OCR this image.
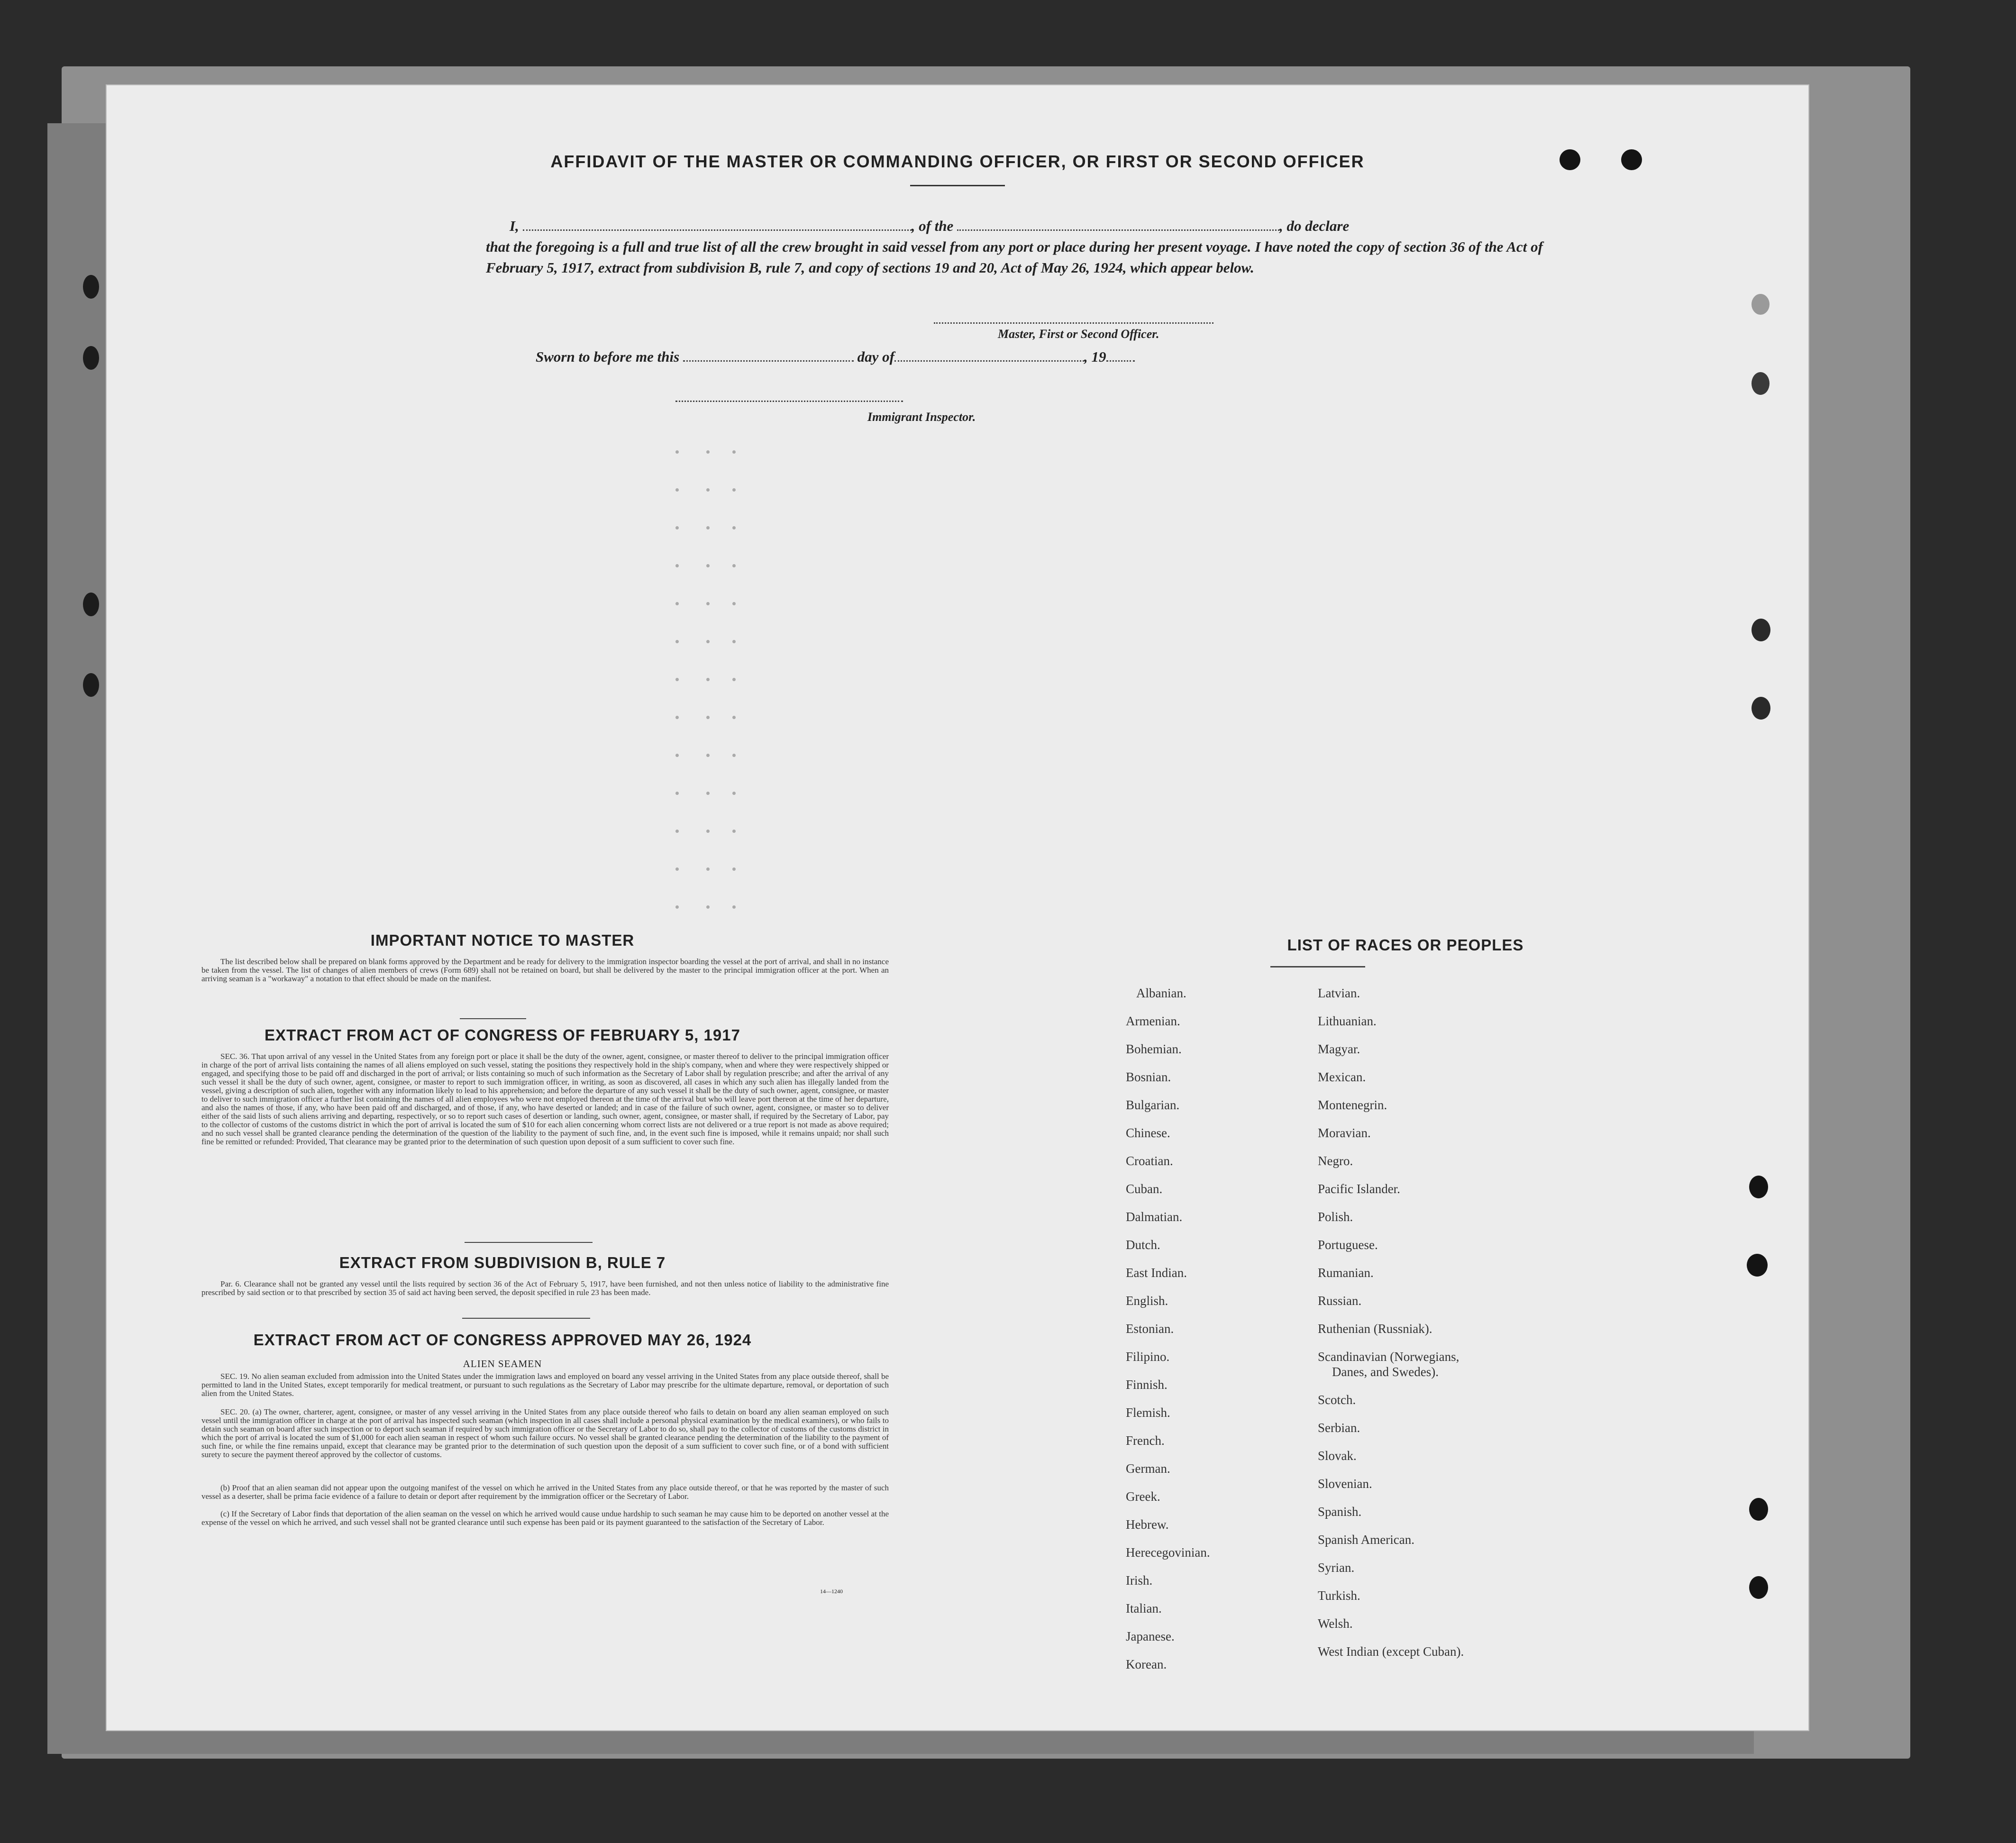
AFFIDAVIT OF THE MASTER OR COMMANDING OFFICER, OR FIRST OR SECOND OFFICER
I,	, of the	, do declare
that the foregoing is a full and true list of all the crew brought in said vessel from any port or place during her present voyage. I have noted the copy of section 36 of the Act of February 5, 1917, extract from subdivision B, rule 7, and copy of sections 19 and 20, Act of May 26, 1924, which appear below.
Master, First or Second Officer.
Sworn to before me this	day of	, 19
Immigrant Inspector.
IMPORTANT NOTICE TO MASTER
The list described below shall be prepared on blank forms approved by the Department and be ready for delivery to the immigration inspector boarding the vessel at the port of arrival, and shall in no instance be taken from the vessel. The list of changes of alien members of crews (Form 689) shall not be retained on board, but shall be delivered by the master to the principal immigration officer at the port. When an arriving seaman is a "workaway" a notation to that effect should be made on the manifest.
EXTRACT FROM ACT OF CONGRESS OF FEBRUARY 5, 1917
SEC. 36. That upon arrival of any vessel in the United States from any foreign port or place it shall be the duty of the owner, agent, consignee, or master thereof to deliver to the principal immigration officer in charge of the port of arrival lists containing the names of all aliens employed on such vessel, stating the positions they respectively hold in the ship's company, when and where they were respectively shipped or engaged, and specifying those to be paid off and discharged in the port of arrival; or lists containing so much of such information as the Secretary of Labor shall by regulation prescribe; and after the arrival of any such vessel it shall be the duty of such owner, agent, consignee, or master to report to such immigration officer, in writing, as soon as discovered, all cases in which any such alien has illegally landed from the vessel, giving a description of such alien, together with any information likely to lead to his apprehension; and before the departure of any such vessel it shall be the duty of such owner, agent, consignee, or master to deliver to such immigration officer a further list containing the names of all alien employees who were not employed thereon at the time of the arrival but who will leave port thereon at the time of her departure, and also the names of those, if any, who have been paid off and discharged, and of those, if any, who have deserted or landed; and in case of the failure of such owner, agent, consignee, or master so to deliver either of the said lists of such aliens arriving and departing, respectively, or so to report such cases of desertion or landing, such owner, agent, consignee, or master shall, if required by the Secretary of Labor, pay to the collector of customs of the customs district in which the port of arrival is located the sum of $10 for each alien concerning whom correct lists are not delivered or a true report is not made as above required; and no such vessel shall be granted clearance pending the determination of the question of the liability to the payment of such fine, and, in the event such fine is imposed, while it remains unpaid; nor shall such fine be remitted or refunded: Provided, That clearance may be granted prior to the determination of such question upon deposit of a sum sufficient to cover such fine.
EXTRACT FROM SUBDIVISION B, RULE 7
Par. 6. Clearance shall not be granted any vessel until the lists required by section 36 of the Act of February 5, 1917, have been furnished, and not then unless notice of liability to the administrative fine prescribed by said section or to that prescribed by section 35 of said act having been served, the deposit specified in rule 23 has been made.
EXTRACT FROM ACT OF CONGRESS APPROVED MAY 26, 1924
ALIEN SEAMEN
SEC. 19. No alien seaman excluded from admission into the United States under the immigration laws and employed on board any vessel arriving in the United States from any place outside thereof, shall be permitted to land in the United States, except temporarily for medical treatment, or pursuant to such regulations as the Secretary of Labor may prescribe for the ultimate departure, removal, or deportation of such alien from the United States.
SEC. 20. (a) The owner, charterer, agent, consignee, or master of any vessel arriving in the United States from any place outside thereof who fails to detain on board any alien seaman employed on such vessel until the immigration officer in charge at the port of arrival has inspected such seaman (which inspection in all cases shall include a personal physical examination by the medical examiners), or who fails to detain such seaman on board after such inspection or to deport such seaman if required by such immigration officer or the Secretary of Labor to do so, shall pay to the collector of customs of the customs district in which the port of arrival is located the sum of $1,000 for each alien seaman in respect of whom such failure occurs. No vessel shall be granted clearance pending the determination of the liability to the payment of such fine, or while the fine remains unpaid, except that clearance may be granted prior to the determination of such question upon the deposit of a sum sufficient to cover such fine, or of a bond with sufficient surety to secure the payment thereof approved by the collector of customs.
(b) Proof that an alien seaman did not appear upon the outgoing manifest of the vessel on which he arrived in the United States from any place outside thereof, or that he was reported by the master of such vessel as a deserter, shall be prima facie evidence of a failure to detain or deport after requirement by the immigration officer or the Secretary of Labor.
(c) If the Secretary of Labor finds that deportation of the alien seaman on the vessel on which he arrived would cause undue hardship to such seaman he may cause him to be deported on another vessel at the expense of the vessel on which he arrived, and such vessel shall not be granted clearance until such expense has been paid or its payment guaranteed to the satisfaction of the Secretary of Labor.
14—1240
LIST OF RACES OR PEOPLES
Albanian.
Armenian.
Bohemian.
Bosnian.
Bulgarian.
Chinese.
Croatian.
Cuban.
Dalmatian.
Dutch.
East Indian.
English.
Estonian.
Filipino.
Finnish.
Flemish.
French.
German.
Greek.
Hebrew.
Herecegovinian.
Irish.
Italian.
Japanese.
Korean.
Latvian.
Lithuanian.
Magyar.
Mexican.
Montenegrin.
Moravian.
Negro.
Pacific Islander.
Polish.
Portuguese.
Rumanian.
Russian.
Ruthenian (Russniak).
Scandinavian (Norwegians,
Danes, and Swedes).
Scotch.
Serbian.
Slovak.
Slovenian.
Spanish.
Spanish American.
Syrian.
Turkish.
Welsh.
West Indian (except Cuban).
